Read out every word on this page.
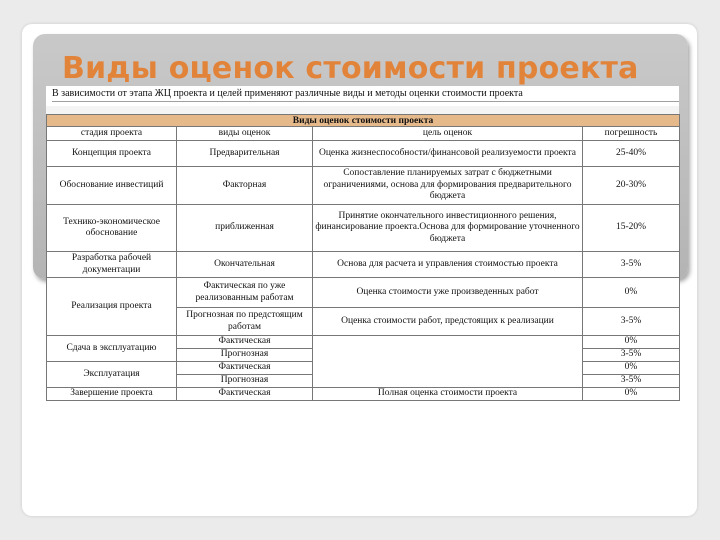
Виды оценок стоимости проекта
В зависимости от этапа ЖЦ проекта и целей применяют различные виды и методы оценки стоимости проекта
Виды оценок стоимости проекта			
стадия проекта	виды оценок	цель оценок	погрешность
Концепция проекта	Предварительная	Оценка жизнеспособности/финансовой реализуемости проекта	25-40%
Обоснование инвестиций	Факторная	Сопоставление планируемых затрат с бюджетными ограничениями, основа для формирования предварительного бюджета	20-30%
Технико-экономическое обоснование	приближенная	Принятие окончательного инвестиционного решения, финансирование проекта.Основа для формирование уточненного бюджета	15-20%
Разработка рабочей документации	Окончательная	Основа для расчета и управления стоимостью проекта	3-5%
Реализация проекта	Фактическая по уже реализованным работам	Оценка стоимости уже произведенных работ	0%
	Прогнозная по предстоящим работам	Оценка стоимости работ, предстоящих к реализации	3-5%
Сдача в эксплуатацию	Фактическая		0%
	Прогнозная		3-5%
Эксплуатация	Фактическая		0%
	Прогнозная		3-5%
Завершение проекта	Фактическая	Полная оценка стоимости проекта	0%
